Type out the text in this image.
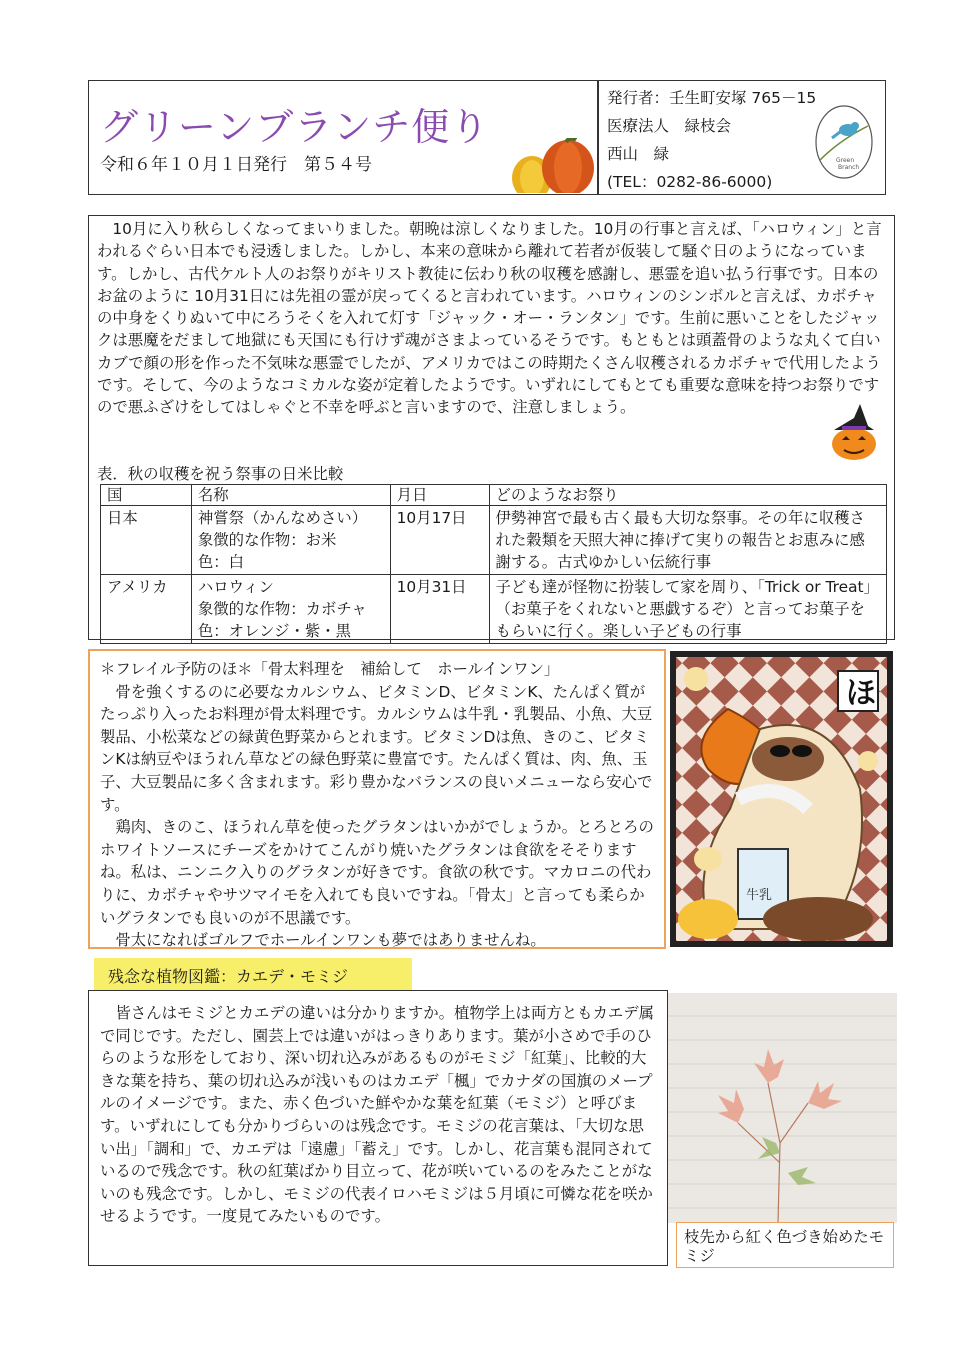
グリーンブランチ便り
令和６年１０月１日発行　第５４号
発行者：壬生町安塚 765－15
医療法人　緑枝会
西山　緑
(TEL：0282-86-6000)
Green
Branch

　10月に入り秋らしくなってまいりました。朝晩は涼しくなりました。10月の行事と言えば、「ハロウィン」と言われるぐらい日本でも浸透しました。しかし、本来の意味から離れて若者が仮装して騒ぐ日のようになっています。しかし、古代ケルト人のお祭りがキリスト教徒に伝わり秋の収穫を感謝し、悪霊を追い払う行事です。日本のお盆のように 10月31日には先祖の霊が戻ってくると言われています。ハロウィンのシンボルと言えば、カボチャの中身をくりぬいて中にろうそくを入れて灯す「ジャック・オー・ランタン」です。生前に悪いことをしたジャックは悪魔をだまして地獄にも天国にも行けず魂がさまよっているそうです。もともとは頭蓋骨のような丸くて白いカブで顔の形を作った不気味な悪霊でしたが、アメリカではこの時期たくさん収穫されるカボチャで代用したようです。そして、今のようなコミカルな姿が定着したようです。いずれにしてもとても重要な意味を持つお祭りですので悪ふざけをしてはしゃぐと不幸を呼ぶと言いますので、注意しましょう。

表．秋の収穫を祝う祭事の日米比較
国	名称	月日	どのようなお祭り
日本	神嘗祭（かんなめさい）
象徴的な作物：お米
色：白	10月17日	伊勢神宮で最も古く最も大切な祭事。その年に収穫された穀類を天照大神に捧げて実りの報告とお恵みに感謝する。古式ゆかしい伝統行事
アメリカ	ハロウィン
象徴的な作物：カボチャ
色：オレンジ・紫・黒	10月31日	子ども達が怪物に扮装して家を周り、「Trick or Treat」（お菓子をくれないと悪戯するぞ）と言ってお菓子をもらいに行く。楽しい子どもの行事

＊フレイル予防のほ＊「骨太料理を　補給して　ホールインワン」

　骨を強くするのに必要なカルシウム、ビタミンD、ビタミンK、たんぱく質がたっぷり入ったお料理が骨太料理です。カルシウムは牛乳・乳製品、小魚、大豆製品、小松菜などの緑黄色野菜からとれます。ビタミンDは魚、きのこ、ビタミンKは納豆やほうれん草などの緑色野菜に豊富です。たんぱく質は、肉、魚、玉子、大豆製品に多く含まれます。彩り豊かなバランスの良いメニューなら安心です。

　鶏肉、きのこ、ほうれん草を使ったグラタンはいかがでしょうか。とろとろのホワイトソースにチーズをかけてこんがり焼いたグラタンは食欲をそそりますね。私は、ニンニク入りのグラタンが好きです。食欲の秋です。マカロニの代わりに、カボチャやサツマイモを入れても良いですね。「骨太」と言っても柔らかいグラタンでも良いのが不思議です。

　骨太になればゴルフでホールインワンも夢ではありませんね。

ほ
牛乳
残念な植物図鑑：カエデ・モミジ
　皆さんはモミジとカエデの違いは分かりますか。植物学上は両方ともカエデ属で同じです。ただし、園芸上では違いがはっきりあります。葉が小さめで手のひらのような形をしており、深い切れ込みがあるものがモミジ「紅葉」、比較的大きな葉を持ち、葉の切れ込みが浅いものはカエデ「楓」でカナダの国旗のメープルのイメージです。また、赤く色づいた鮮やかな葉を紅葉（モミジ）と呼びます。いずれにしても分かりづらいのは残念です。モミジの花言葉は、「大切な思い出」「調和」で、カエデは「遠慮」「蓄え」です。しかし、花言葉も混同されているので残念です。秋の紅葉ばかり目立って、花が咲いているのをみたことがないのも残念です。しかし、モミジの代表イロハモミジは５月頃に可憐な花を咲かせるようです。一度見てみたいものです。
枝先から紅く色づき始めたモミジ
